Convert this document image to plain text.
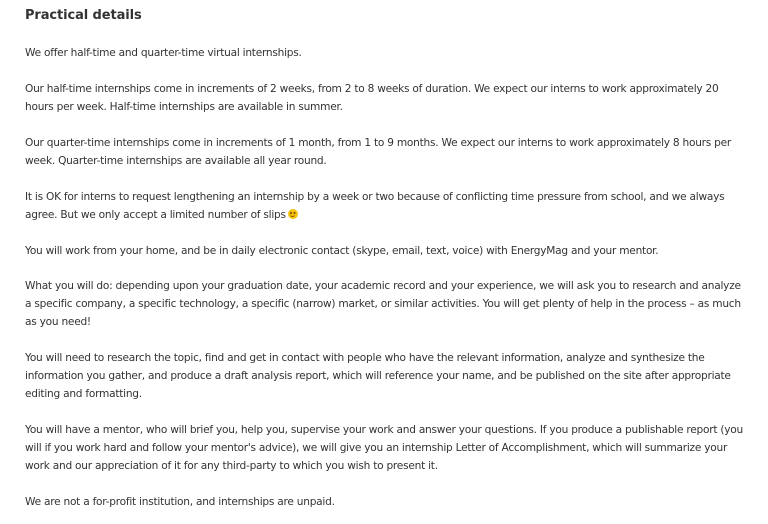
Practical details

We offer half-time and quarter-time virtual internships.

Our half-time internships come in increments of 2 weeks, from 2 to 8 weeks of duration. We expect our interns to work approximately 20 hours per week. Half-time internships are available in summer.

Our quarter-time internships come in increments of 1 month, from 1 to 9 months. We expect our interns to work approximately 8 hours per week. Quarter-time internships are available all year round.

It is OK for interns to request lengthening an internship by a week or two because of conflicting time pressure from school, and we always agree. But we only accept a limited number of slips

You will work from your home, and be in daily electronic contact (skype, email, text, voice) with EnergyMag and your mentor.

What you will do: depending upon your graduation date, your academic record and your experience, we will ask you to research and analyze a specific company, a specific technology, a specific (narrow) market, or similar activities. You will get plenty of help in the process – as much as you need!

You will need to research the topic, find and get in contact with people who have the relevant information, analyze and synthesize the information you gather, and produce a draft analysis report, which will reference your name, and be published on the site after appropriate editing and formatting.

You will have a mentor, who will brief you, help you, supervise your work and answer your questions. If you produce a publishable report (you will if you work hard and follow your mentor's advice), we will give you an internship Letter of Accomplishment, which will summarize your work and our appreciation of it for any third-party to which you wish to present it.

We are not a for-profit institution, and internships are unpaid.
